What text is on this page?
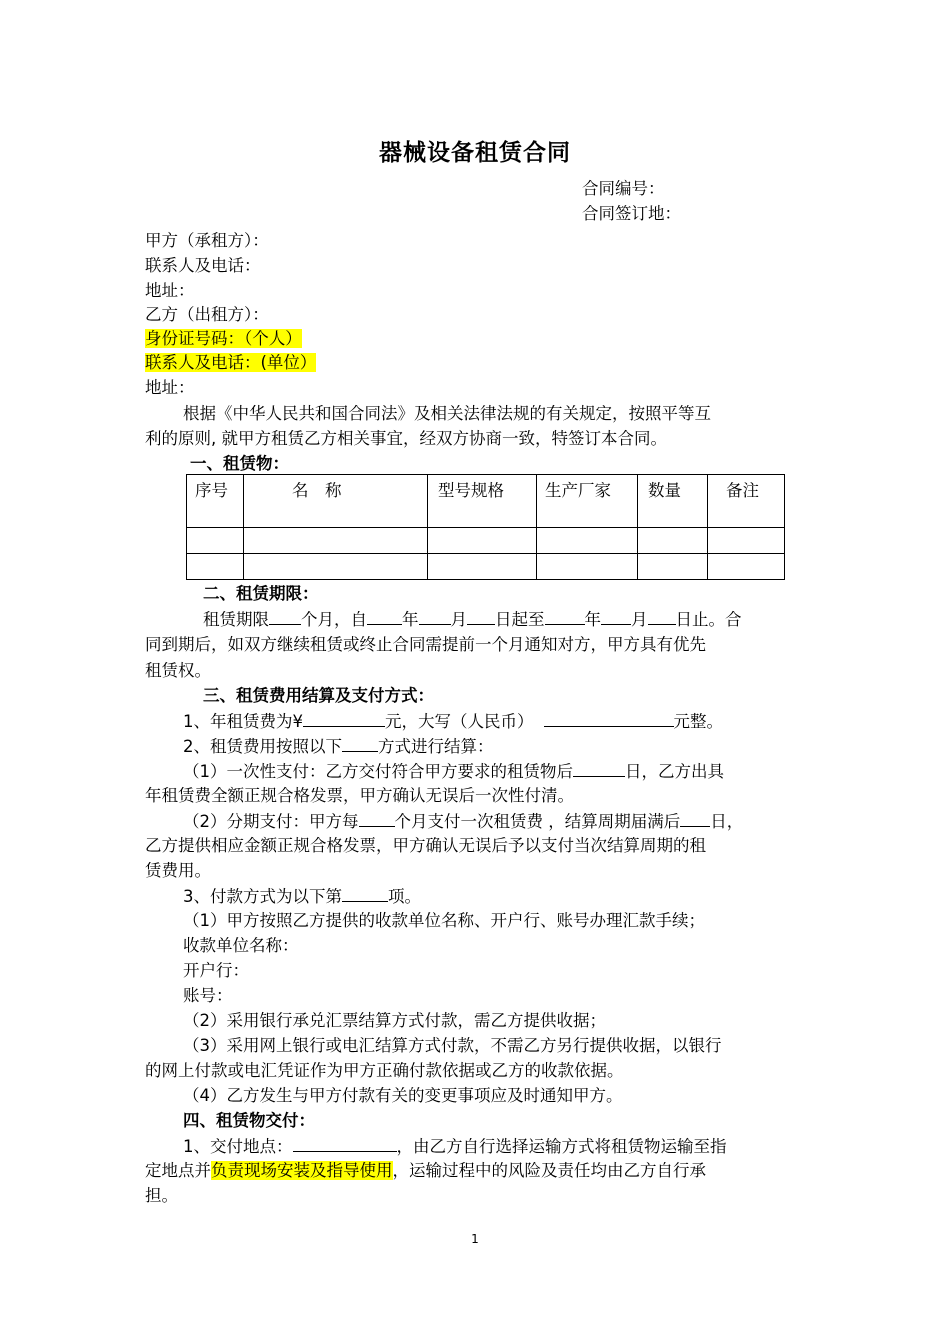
器械设备租赁合同
合同编号：
合同签订地：
甲方（承租方）：
联系人及电话：
地址：
乙方（出租方）：
身份证号码：（个人）
联系人及电话：(单位）
地址：
根据《中华人民共和国合同法》及相关法律法规的有关规定，按照平等互
利的原则, 就甲方租赁乙方相关事宜，经双方协商一致，特签订本合同。
一、租赁物：
序号	名　称	型号规格	生产厂家	数量	备注

二、租赁期限：
租赁期限 个月，自 年 月 日起至 年 月 日止。合
同到期后，如双方继续租赁或终止合同需提前一个月通知对方，甲方具有优先
租赁权。
三、租赁费用结算及支付方式：
1、年租赁费为¥	元，大写（人民币）	元整。
2、租赁费用按照以下 方式进行结算：
（1）一次性支付：乙方交付符合甲方要求的租赁物后	日，乙方出具
年租赁费全额正规合格发票，甲方确认无误后一次性付清。
（2）分期支付：甲方每 个月支付一次租赁费 ，结算周期届满后 日，
乙方提供相应金额正规合格发票，甲方确认无误后予以支付当次结算周期的租
赁费用。
3、付款方式为以下第	项。
（1）甲方按照乙方提供的收款单位名称、开户行、账号办理汇款手续；
收款单位名称：
开户行：
账号：
（2）采用银行承兑汇票结算方式付款，需乙方提供收据；
（3）采用网上银行或电汇结算方式付款，不需乙方另行提供收据，以银行
的网上付款或电汇凭证作为甲方正确付款依据或乙方的收款依据。
（4）乙方发生与甲方付款有关的变更事项应及时通知甲方。
四、租赁物交付：
1、交付地点：	，由乙方自行选择运输方式将租赁物运输至指
定地点并负责现场安装及指导使用，运输过程中的风险及责任均由乙方自行承
担。
1
